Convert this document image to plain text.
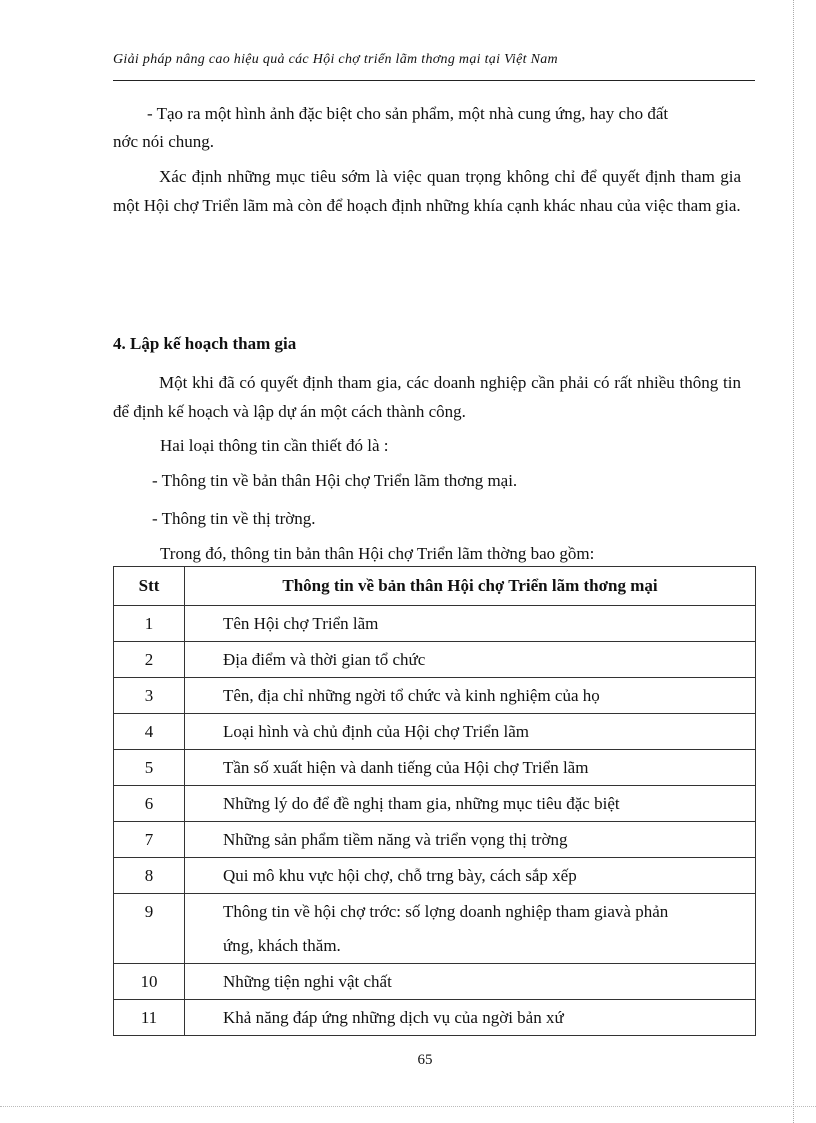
Giải pháp nâng cao hiệu quả các Hội chợ triển lãm thơng mại tại Việt Nam
- Tạo ra một hình ảnh đặc biệt cho sản phẩm, một nhà cung ứng, hay cho đất
nớc nói chung.
Xác định những mục tiêu sớm là việc quan trọng không chỉ để quyết định tham gia một Hội chợ Triển lãm mà còn để hoạch định những khía cạnh khác nhau của việc tham gia.
4. Lập kế hoạch tham gia
Một khi đã có quyết định tham gia, các doanh nghiệp cần phải có rất nhiều thông tin để định kế hoạch và lập dự án một cách thành công.
Hai loại thông tin cần thiết đó là :
- Thông tin về bản thân Hội chợ Triển lãm thơng mại.
- Thông tin về thị trờng.
Trong đó, thông tin bản thân Hội chợ Triển lãm thờng bao gồm:
Stt	Thông tin về bản thân Hội chợ Triển lãm thơng mại
1	Tên Hội chợ Triển lãm
2	Địa điểm và thời gian tổ chức
3	Tên, địa chỉ những ngời tổ chức và kinh nghiệm của họ
4	Loại hình và chủ định của Hội chợ Triển lãm
5	Tần số xuất hiện và danh tiếng của Hội chợ Triển lãm
6	Những lý do để đề nghị tham gia, những mục tiêu đặc biệt
7	Những sản phẩm tiềm năng và triển vọng thị trờng
8	Qui mô khu vực hội chợ, chỗ trng bày, cách sắp xếp
9	Thông tin về hội chợ trớc: số lợng doanh nghiệp tham giavà phản
ứng, khách thăm.
10	Những tiện nghi vật chất
11	Khả năng đáp ứng những dịch vụ của ngời bản xứ
65
